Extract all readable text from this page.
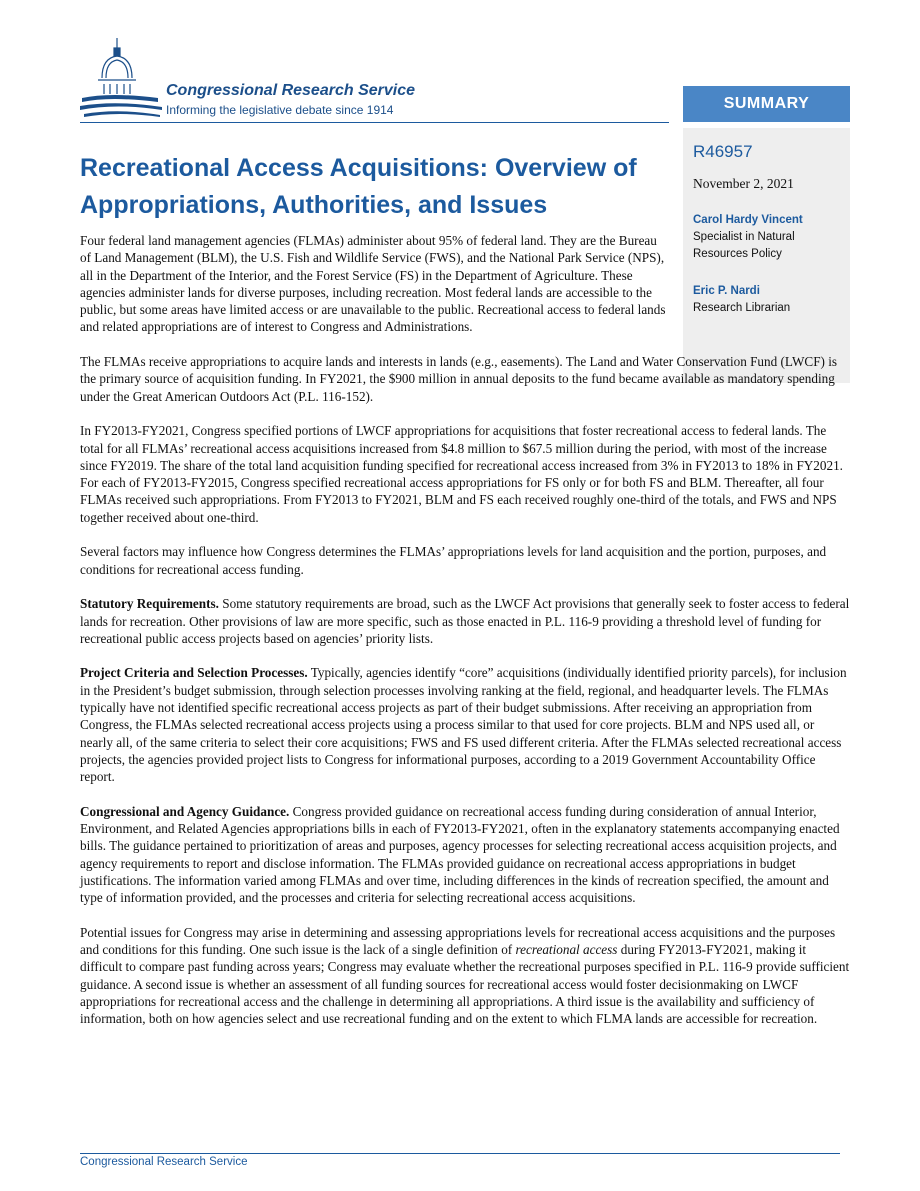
Congressional Research Service
Informing the legislative debate since 1914	SUMMARY
R46957
November 2, 2021
Carol Hardy Vincent
Specialist in Natural
Resources Policy
Eric P. Nardi
Research Librarian
Recreational Access Acquisitions: Overview of Appropriations, Authorities, and Issues

Four federal land management agencies (FLMAs) administer about 95% of federal land. They are the Bureau of Land Management (BLM), the U.S. Fish and Wildlife Service (FWS), and the National Park Service (NPS), all in the Department of the Interior, and the Forest Service (FS) in the Department of Agriculture. These agencies administer lands for diverse purposes, including recreation. Most federal lands are accessible to the public, but some areas have limited access or are unavailable to the public. Recreational access to federal lands and related appropriations are of interest to Congress and Administrations.

The FLMAs receive appropriations to acquire lands and interests in lands (e.g., easements). The Land and Water Conservation Fund (LWCF) is the primary source of acquisition funding. In FY2021, the $900 million in annual deposits to the fund became available as mandatory spending under the Great American Outdoors Act (P.L. 116-152).

In FY2013-FY2021, Congress specified portions of LWCF appropriations for acquisitions that foster recreational access to federal lands. The total for all FLMAs’ recreational access acquisitions increased from $4.8 million to $67.5 million during the period, with most of the increase since FY2019. The share of the total land acquisition funding specified for recreational access increased from 3% in FY2013 to 18% in FY2021. For each of FY2013-FY2015, Congress specified recreational access appropriations for FS only or for both FS and BLM. Thereafter, all four FLMAs received such appropriations. From FY2013 to FY2021, BLM and FS each received roughly one-third of the totals, and FWS and NPS together received about one-third.

Several factors may influence how Congress determines the FLMAs’ appropriations levels for land acquisition and the portion, purposes, and conditions for recreational access funding.

Statutory Requirements. Some statutory requirements are broad, such as the LWCF Act provisions that generally seek to foster access to federal lands for recreation. Other provisions of law are more specific, such as those enacted in P.L. 116-9 providing a threshold level of funding for recreational public access projects based on agencies’ priority lists.

Project Criteria and Selection Processes. Typically, agencies identify “core” acquisitions (individually identified priority parcels), for inclusion in the President’s budget submission, through selection processes involving ranking at the field, regional, and headquarter levels. The FLMAs typically have not identified specific recreational access projects as part of their budget submissions. After receiving an appropriation from Congress, the FLMAs selected recreational access projects using a process similar to that used for core projects. BLM and NPS used all, or nearly all, of the same criteria to select their core acquisitions; FWS and FS used different criteria. After the FLMAs selected recreational access projects, the agencies provided project lists to Congress for informational purposes, according to a 2019 Government Accountability Office report.

Congressional and Agency Guidance. Congress provided guidance on recreational access funding during consideration of annual Interior, Environment, and Related Agencies appropriations bills in each of FY2013-FY2021, often in the explanatory statements accompanying enacted bills. The guidance pertained to prioritization of areas and purposes, agency processes for selecting recreational access acquisition projects, and agency requirements to report and disclose information. The FLMAs provided guidance on recreational access appropriations in budget justifications. The information varied among FLMAs and over time, including differences in the kinds of recreation specified, the amount and type of information provided, and the processes and criteria for selecting recreational access acquisitions.

Potential issues for Congress may arise in determining and assessing appropriations levels for recreational access acquisitions and the purposes and conditions for this funding. One such issue is the lack of a single definition of recreational access during FY2013-FY2021, making it difficult to compare past funding across years; Congress may evaluate whether the recreational purposes specified in P.L. 116-9 provide sufficient guidance. A second issue is whether an assessment of all funding sources for recreational access would foster decisionmaking on LWCF appropriations for recreational access and the challenge in determining all appropriations. A third issue is the availability and sufficiency of information, both on how agencies select and use recreational funding and on the extent to which FLMA lands are accessible for recreation.

Congressional Research Service
